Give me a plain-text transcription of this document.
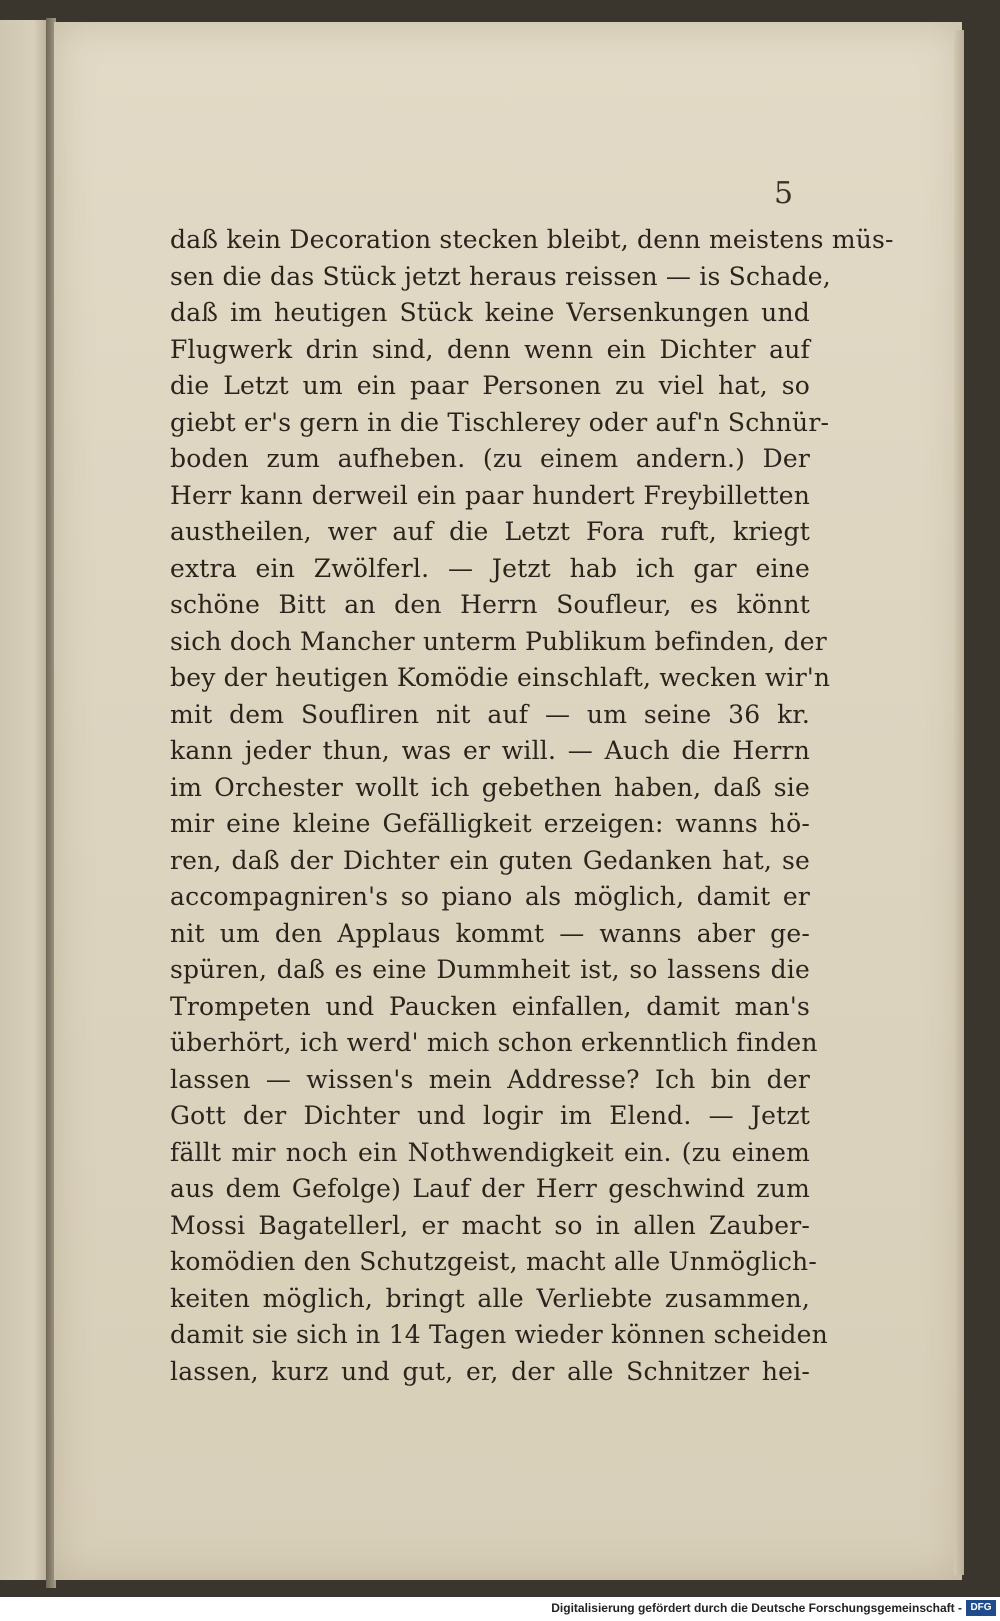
5
daß kein Decoration stecken bleibt, denn meistens müs-
sen die das Stück jetzt heraus reissen — is Schade,
daß im heutigen Stück keine Versenkungen und
Flugwerk drin sind, denn wenn ein Dichter auf
die Letzt um ein paar Personen zu viel hat, so
giebt er's gern in die Tischlerey oder auf'n Schnür-
boden zum aufheben. (zu einem andern.) Der
Herr kann derweil ein paar hundert Freybilletten
austheilen, wer auf die Letzt Fora ruft, kriegt
extra ein Zwölferl. — Jetzt hab ich gar eine
schöne Bitt an den Herrn Soufleur, es könnt
sich doch Mancher unterm Publikum befinden, der
bey der heutigen Komödie einschlaft, wecken wir'n
mit dem Soufliren nit auf — um seine 36 kr.
kann jeder thun, was er will. — Auch die Herrn
im Orchester wollt ich gebethen haben, daß sie
mir eine kleine Gefälligkeit erzeigen: wanns hö-
ren, daß der Dichter ein guten Gedanken hat, se
accompagniren's so piano als möglich, damit er
nit um den Applaus kommt — wanns aber ge-
spüren, daß es eine Dummheit ist, so lassens die
Trompeten und Paucken einfallen, damit man's
überhört, ich werd' mich schon erkenntlich finden
lassen — wissen's mein Addresse? Ich bin der
Gott der Dichter und logir im Elend. — Jetzt
fällt mir noch ein Nothwendigkeit ein. (zu einem
aus dem Gefolge) Lauf der Herr geschwind zum
Mossi Bagatellerl, er macht so in allen Zauber-
komödien den Schutzgeist, macht alle Unmöglich-
keiten möglich, bringt alle Verliebte zusammen,
damit sie sich in 14 Tagen wieder können scheiden
lassen, kurz und gut, er, der alle Schnitzer hei-
Digitalisierung gefördert durch die Deutsche Forschungsgemeinschaft - DFG
